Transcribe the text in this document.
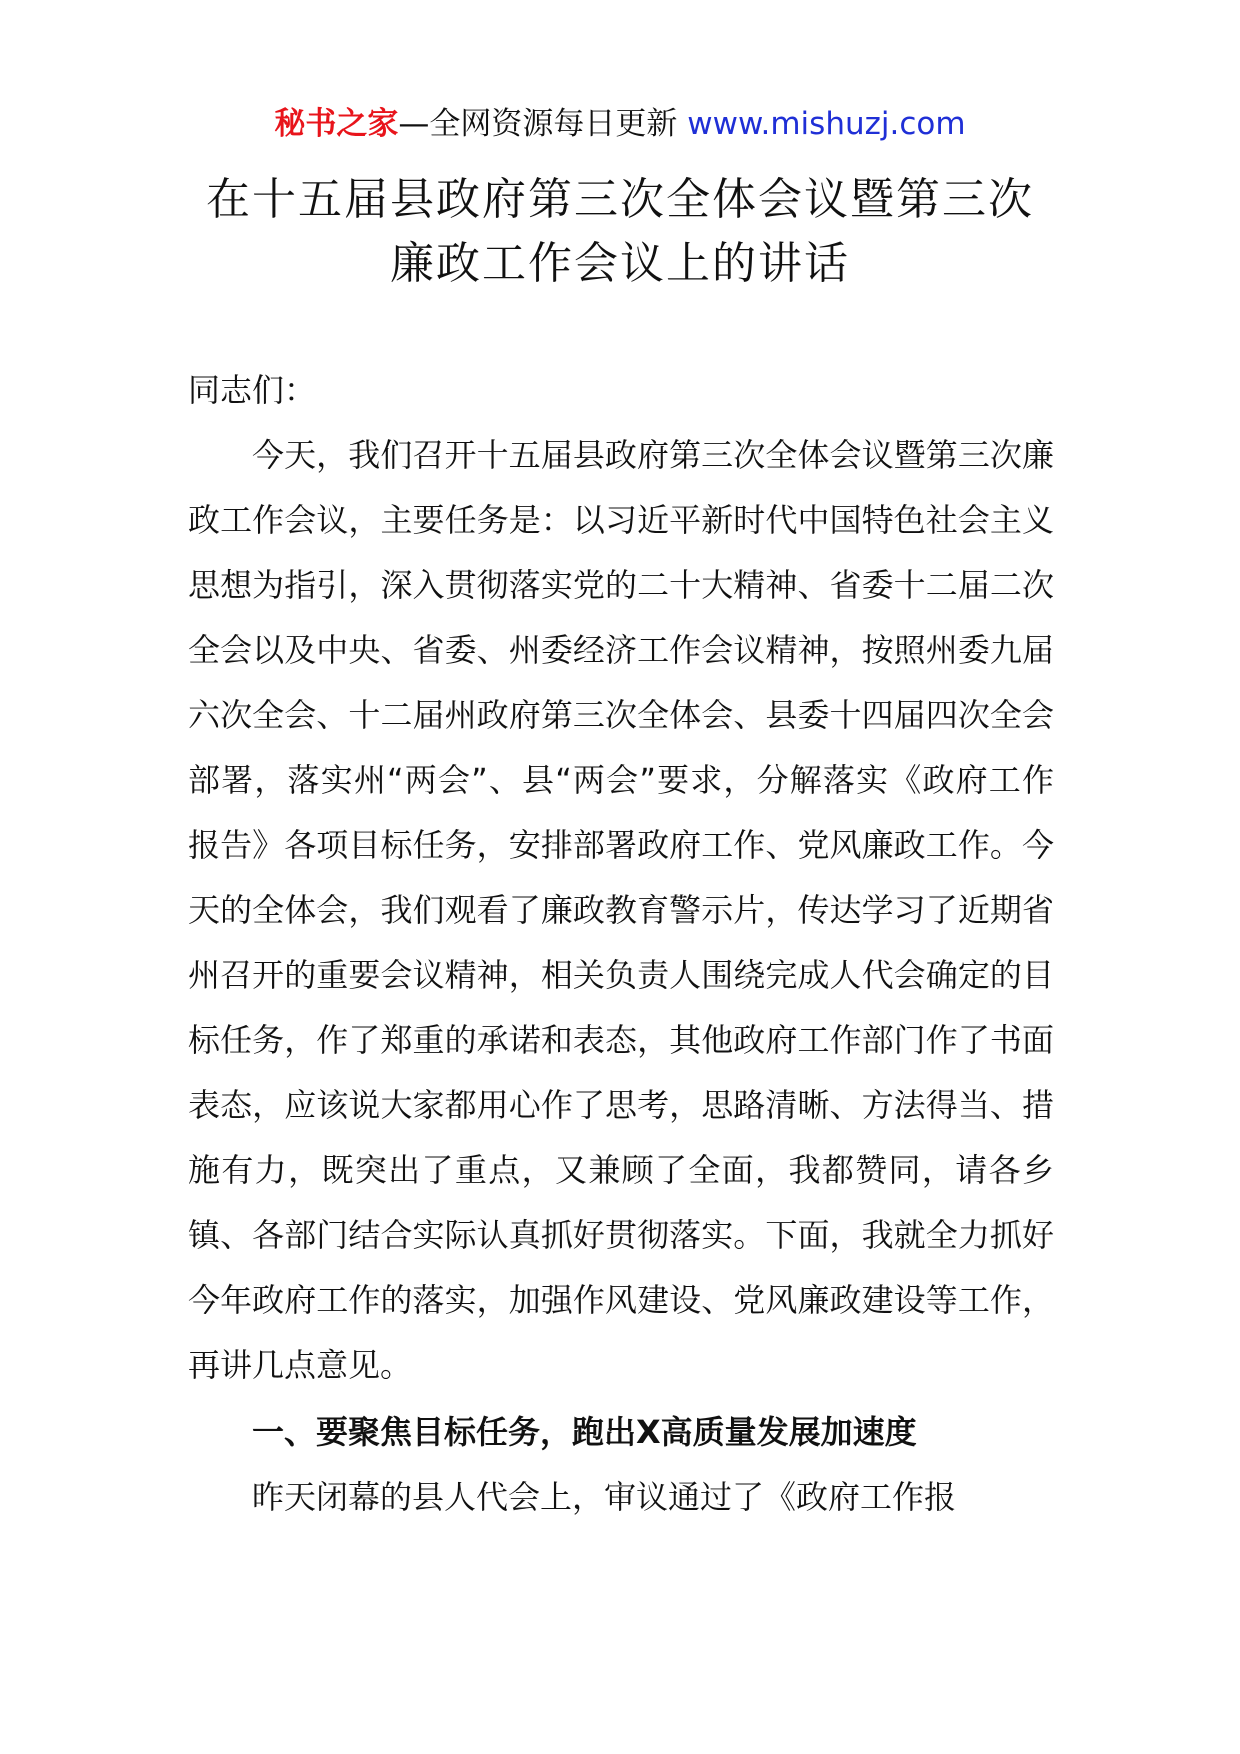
秘书之家—全网资源每日更新 www.mishuzj.com
在十五届县政府第三次全体会议暨第三次
廉政工作会议上的讲话

同志们：

今天，我们召开十五届县政府第三次全体会议暨第三次廉政工作会议，主要任务是：以习近平新时代中国特色社会主义思想为指引，深入贯彻落实党的二十大精神、省委十二届二次全会以及中央、省委、州委经济工作会议精神，按照州委九届六次全会、十二届州政府第三次全体会、县委十四届四次全会部署，落实州“两会”、县“两会”要求，分解落实《政府工作报告》各项目标任务，安排部署政府工作、党风廉政工作。今天的全体会，我们观看了廉政教育警示片，传达学习了近期省州召开的重要会议精神，相关负责人围绕完成人代会确定的目标任务，作了郑重的承诺和表态，其他政府工作部门作了书面表态，应该说大家都用心作了思考，思路清晰、方法得当、措施有力，既突出了重点，又兼顾了全面，我都赞同，请各乡镇、各部门结合实际认真抓好贯彻落实。下面，我就全力抓好今年政府工作的落实，加强作风建设、党风廉政建设等工作，再讲几点意见。

一、要聚焦目标任务，跑出X高质量发展加速度

昨天闭幕的县人代会上，审议通过了《政府工作报
